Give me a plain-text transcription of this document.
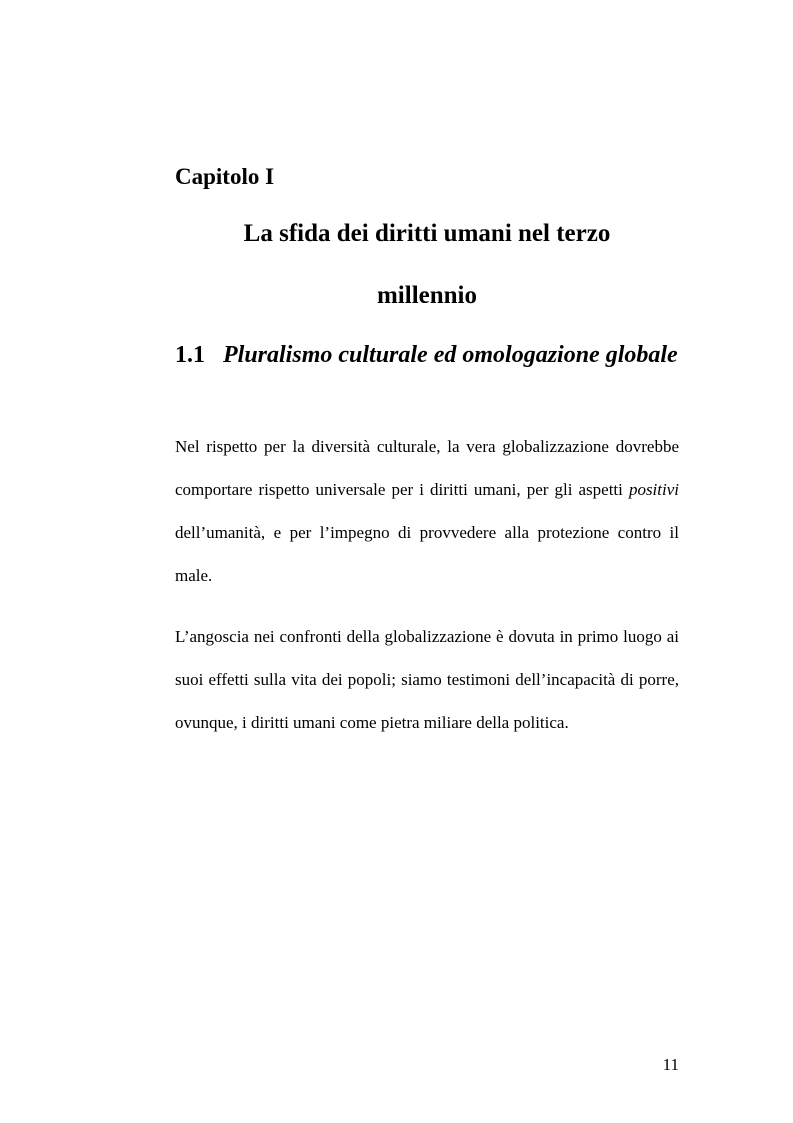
Capitolo I
La sfida dei diritti umani nel terzo
millennio
1.1 Pluralismo culturale ed omologazione globale

Nel rispetto per la diversità culturale, la vera globalizzazione dovrebbe comportare rispetto universale per i diritti umani, per gli aspetti positivi dell’umanità, e per l’impegno di provvedere alla protezione contro il male.

L’angoscia nei confronti della globalizzazione è dovuta in primo luogo ai suoi effetti sulla vita dei popoli; siamo testimoni dell’incapacità di porre, ovunque, i diritti umani come pietra miliare della politica.

11
